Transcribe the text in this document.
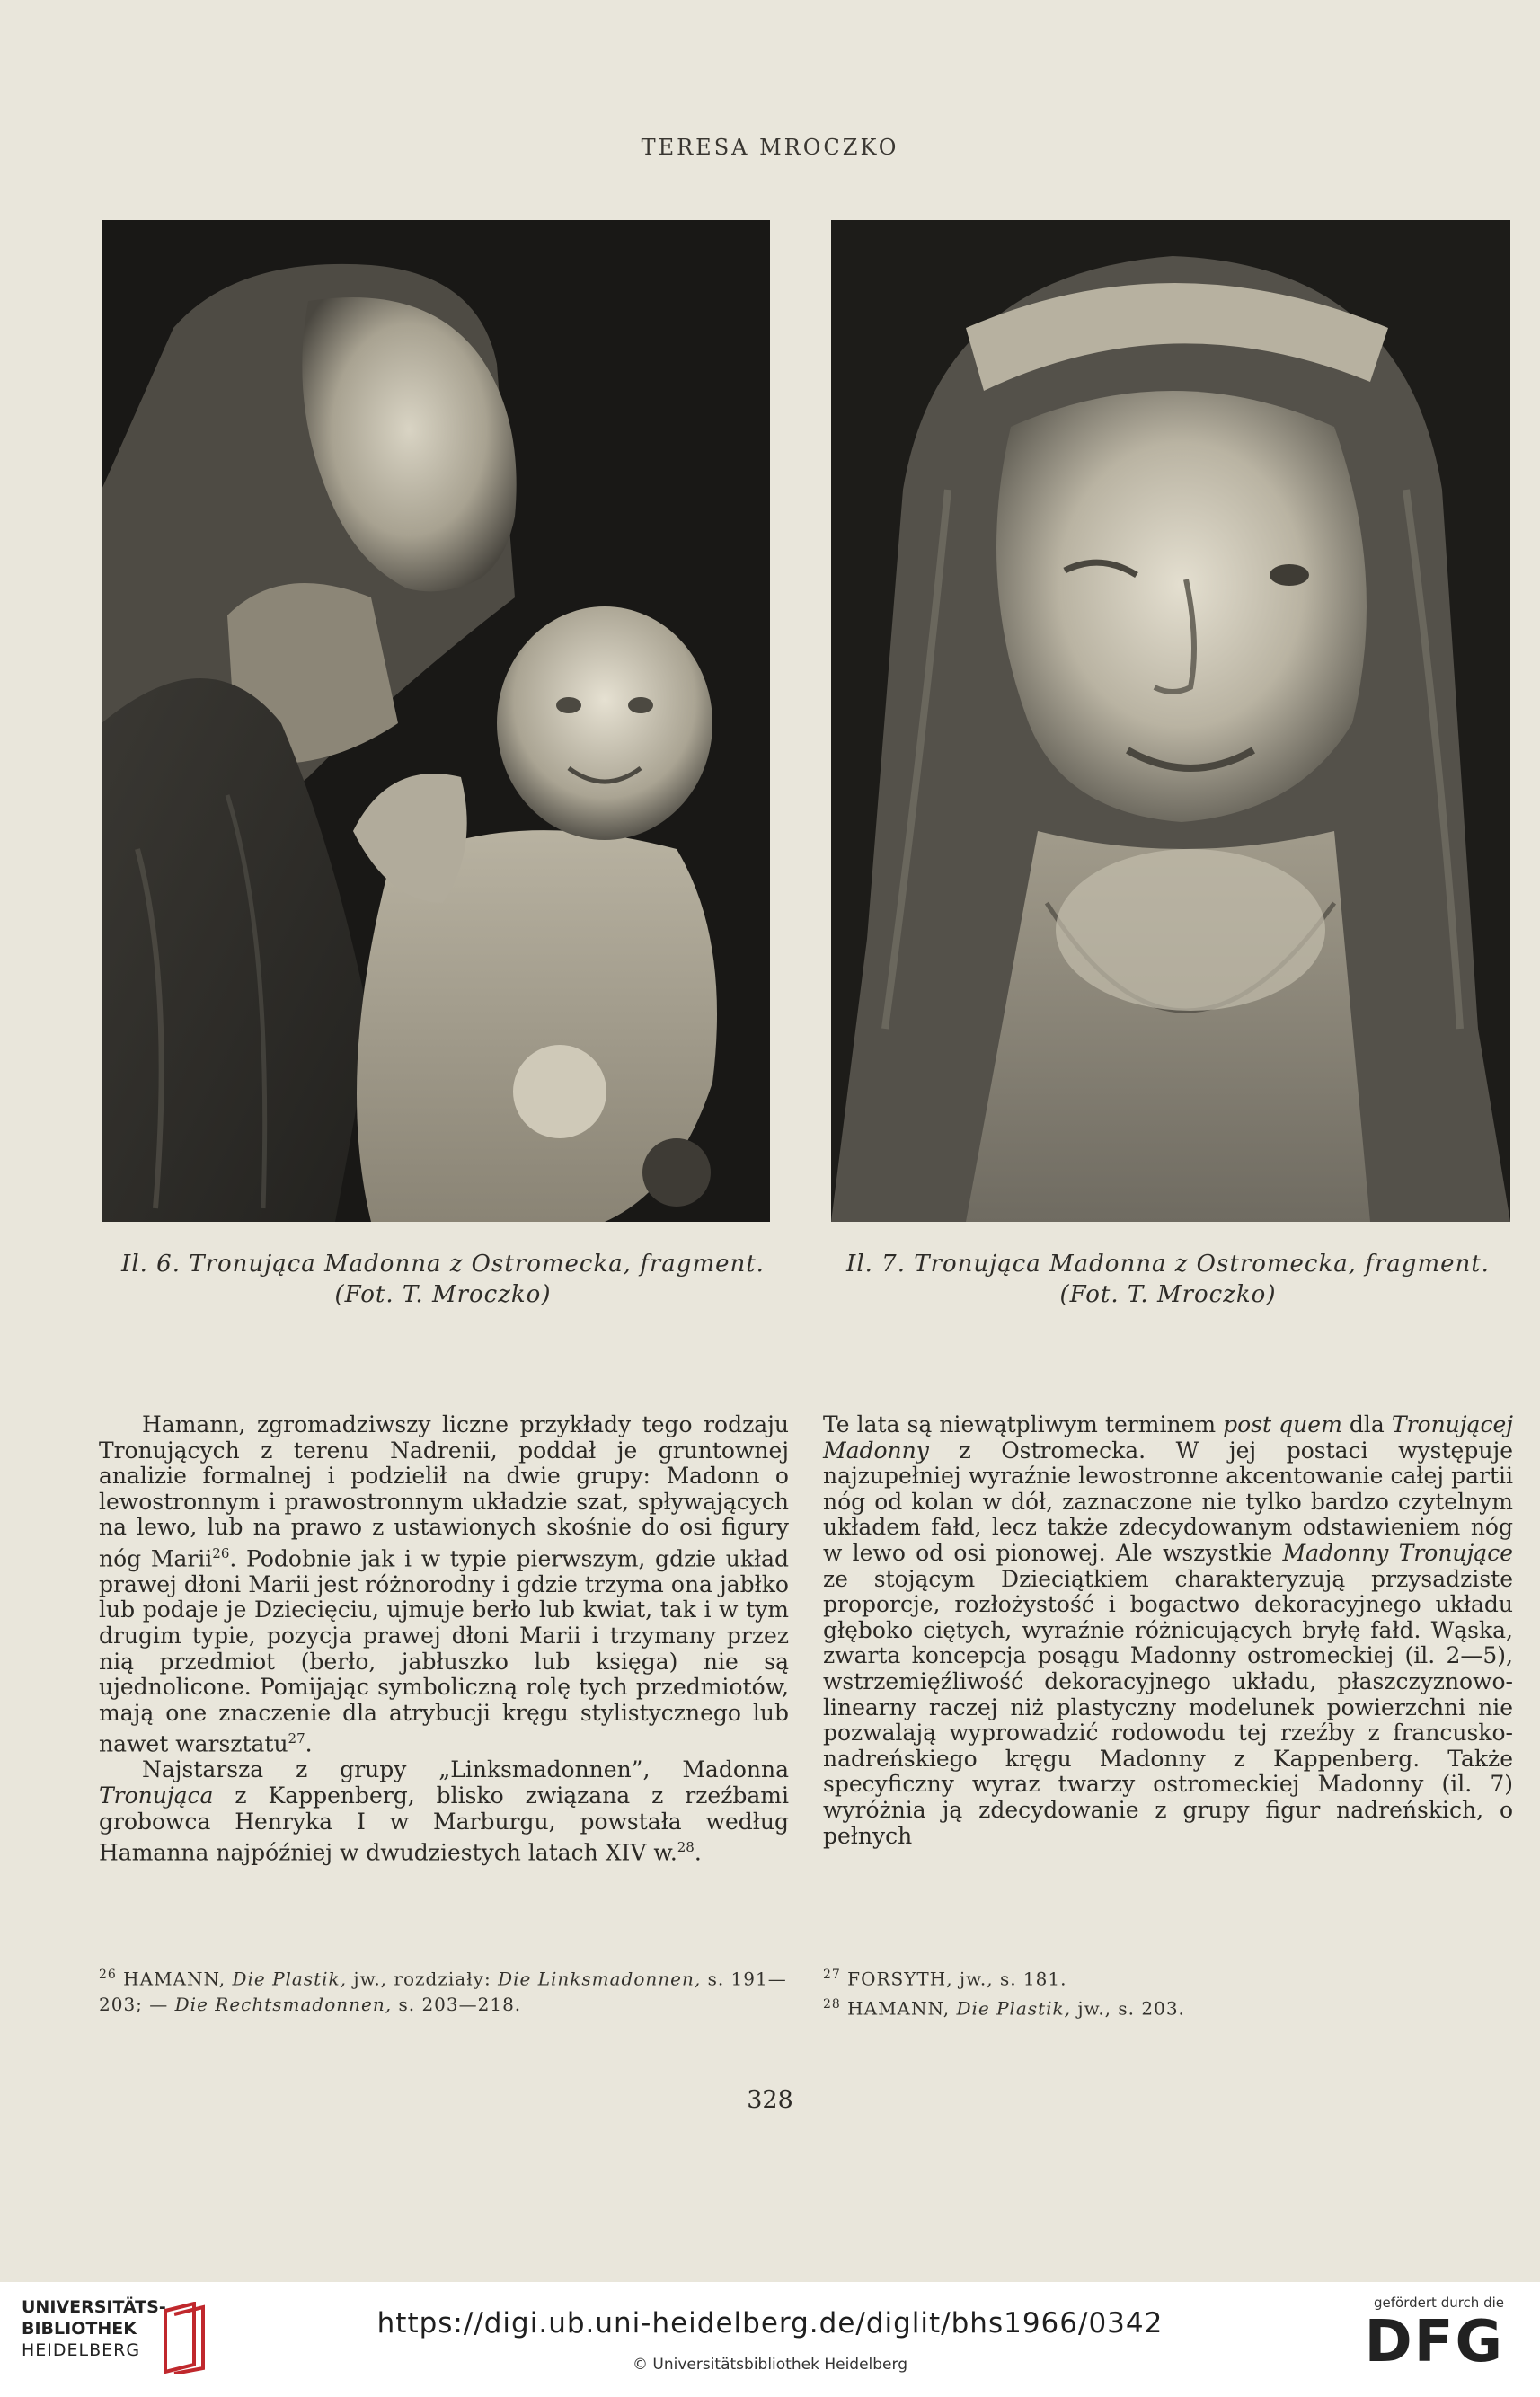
TERESA MROCZKO
Il. 6. Tronująca Madonna z Ostromecka, fragment.
(Fot. T. Mroczko)
Il. 7. Tronująca Madonna z Ostromecka, fragment.
(Fot. T. Mroczko)

Hamann, zgromadziwszy liczne przykłady tego rodzaju Tronujących z terenu Nadrenii, poddał je gruntownej analizie formalnej i podzielił na dwie grupy: Madonn o lewostronnym i prawostronnym układzie szat, spływających na lewo, lub na prawo z ustawionych skośnie do osi figury nóg Marii$^{26}$. Podobnie jak i w typie pierwszym, gdzie układ prawej dłoni Marii jest różnorodny i gdzie trzyma ona jabłko lub podaje je Dziecięciu, ujmuje berło lub kwiat, tak i w tym drugim typie, pozycja prawej dłoni Marii i trzymany przez nią przedmiot (berło, jabłuszko lub księga) nie są ujednolicone. Pomijając symboliczną rolę tych przedmiotów, mają one znaczenie dla atrybucji kręgu stylistycznego lub nawet warsztatu$^{27}$.

Najstarsza z grupy „Linksmadonnen”, Madonna Tronująca z Kappenberg, blisko związana z rzeźbami grobowca Henryka I w Marburgu, powstała według Hamanna najpóźniej w dwudziestych latach XIV w.$^{28}$.

Te lata są niewątpliwym terminem post quem dla Tronującej Madonny z Ostromecka. W jej postaci występuje najzupełniej wyraźnie lewostronne akcentowanie całej partii nóg od kolan w dół, zaznaczone nie tylko bardzo czytelnym układem fałd, lecz także zdecydowanym odstawieniem nóg w lewo od osi pionowej. Ale wszystkie Madonny Tronujące ze stojącym Dzieciątkiem charakteryzują przysadziste proporcje, rozłożystość i bogactwo dekoracyjnego układu głęboko ciętych, wyraźnie różnicujących bryłę fałd. Wąska, zwarta koncepcja posągu Madonny ostromeckiej (il. 2—5), wstrzemięźliwość dekoracyjnego układu, płaszczyznowo-linearny raczej niż plastyczny modelunek powierzchni nie pozwalają wyprowadzić rodowodu tej rzeźby z francusko-nadreńskiego kręgu Madonny z Kappenberg. Także specyficzny wyraz twarzy ostromeckiej Madonny (il. 7) wyróżnia ją zdecydowanie z grupy figur nadreńskich, o pełnych

$^{26}$ HAMANN, Die Plastik, jw., rozdziały: Die Linksmadonnen, s. 191—203; — Die Rechtsmadonnen, s. 203—218.

$^{27}$ FORSYTH, jw., s. 181.

$^{28}$ HAMANN, Die Plastik, jw., s. 203.

328
UNIVERSITÄTS-
BIBLIOTHEK
HEIDELBERG
https://digi.ub.uni-heidelberg.de/diglit/bhs1966/0342
© Universitätsbibliothek Heidelberg
gefördert durch die
DFG
